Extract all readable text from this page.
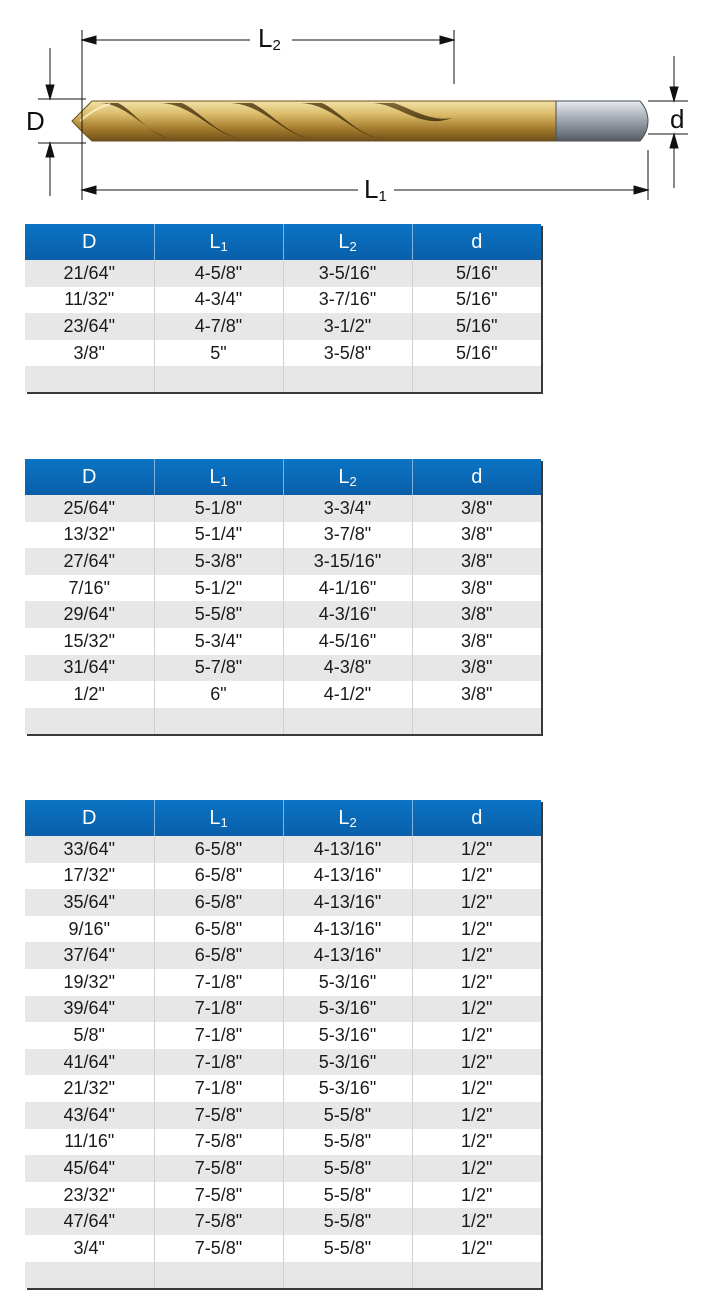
D	d
L2
L1
D	$L_1$	$L_2$	d
21/64"	4-5/8"	3-5/16"	5/16"
11/32"	4-3/4"	3-7/16"	5/16"
23/64"	4-7/8"	3-1/2"	5/16"
3/8"	5"	3-5/8"	5/16"

D	$L_1$	$L_2$	d
25/64"	5-1/8"	3-3/4"	3/8"
13/32"	5-1/4"	3-7/8"	3/8"
27/64"	5-3/8"	3-15/16"	3/8"
7/16"	5-1/2"	4-1/16"	3/8"
29/64"	5-5/8"	4-3/16"	3/8"
15/32"	5-3/4"	4-5/16"	3/8"
31/64"	5-7/8"	4-3/8"	3/8"
1/2"	6"	4-1/2"	3/8"

D	$L_1$	$L_2$	d
33/64"	6-5/8"	4-13/16"	1/2"
17/32"	6-5/8"	4-13/16"	1/2"
35/64"	6-5/8"	4-13/16"	1/2"
9/16"	6-5/8"	4-13/16"	1/2"
37/64"	6-5/8"	4-13/16"	1/2"
19/32"	7-1/8"	5-3/16"	1/2"
39/64"	7-1/8"	5-3/16"	1/2"
5/8"	7-1/8"	5-3/16"	1/2"
41/64"	7-1/8"	5-3/16"	1/2"
21/32"	7-1/8"	5-3/16"	1/2"
43/64"	7-5/8"	5-5/8"	1/2"
11/16"	7-5/8"	5-5/8"	1/2"
45/64"	7-5/8"	5-5/8"	1/2"
23/32"	7-5/8"	5-5/8"	1/2"
47/64"	7-5/8"	5-5/8"	1/2"
3/4"	7-5/8"	5-5/8"	1/2"
